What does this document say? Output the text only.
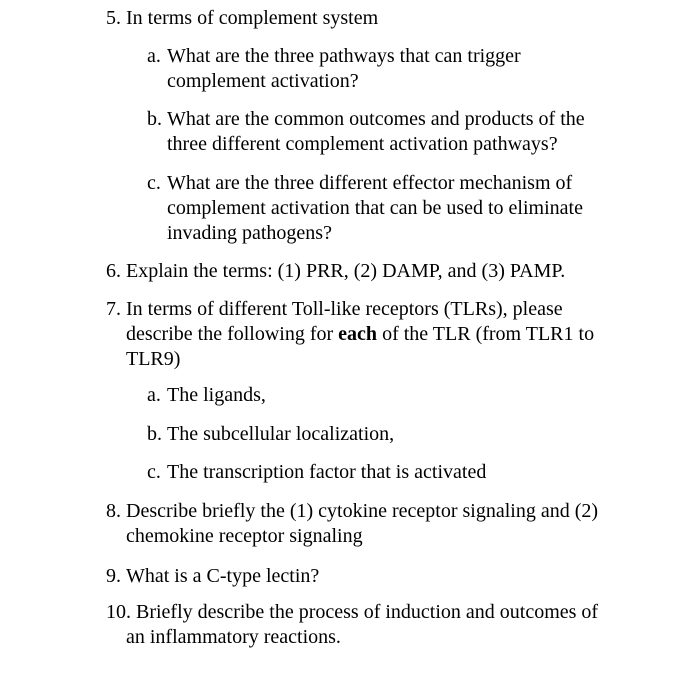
5. In terms of complement system

a. What are the three pathways that can trigger

complement activation?

b. What are the common outcomes and products of the

three different complement activation pathways?

c. What are the three different effector mechanism of

complement activation that can be used to eliminate

invading pathogens?

6. Explain the terms: (1) PRR, (2) DAMP, and (3) PAMP.

7. In terms of different Toll-like receptors (TLRs), please

describe the following for each of the TLR (from TLR1 to

TLR9)

a. The ligands,

b. The subcellular localization,

c. The transcription factor that is activated

8. Describe briefly the (1) cytokine receptor signaling and (2)

chemokine receptor signaling

9. What is a C-type lectin?

10. Briefly describe the process of induction and outcomes of

an inflammatory reactions.
